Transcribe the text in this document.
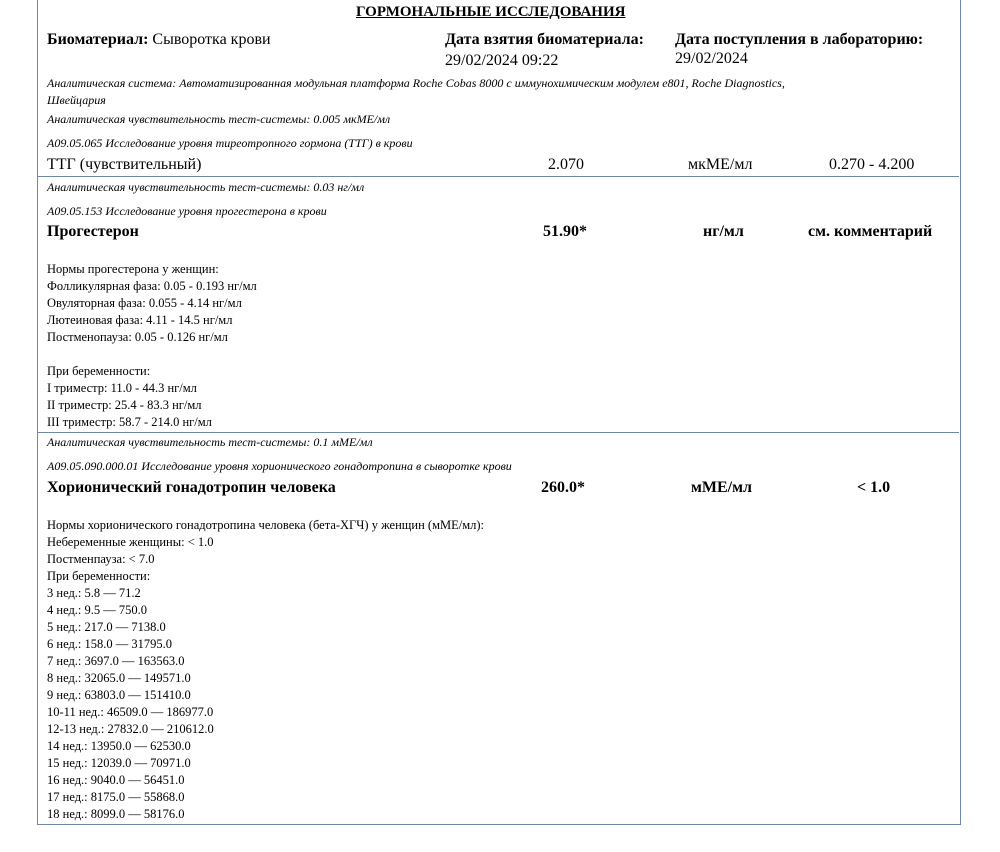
ГОРМОНАЛЬНЫЕ ИССЛЕДОВАНИЯ
Биоматериал: Сыворотка крови	Дата взятия биоматериала:
29/02/2024 09:22
Дата поступления в лабораторию:
29/02/2024
Аналитическая система: Автоматизированная модульная платформа Roche Cobas 8000 с иммунохимическим модулем e801, Roche Diagnostics,
Швейцария
Аналитическая чувствительность тест-системы: 0.005 мкМЕ/мл
A09.05.065 Исследование уровня тиреотропного гормона (ТТГ) в крови
ТТГ (чувствительный)	2.070	мкМЕ/мл	0.270 - 4.200
Аналитическая чувствительность тест-системы: 0.03 нг/мл
A09.05.153 Исследование уровня прогестерона в крови
Прогестерон	51.90*	нг/мл	см. комментарий
Нормы прогестерона у женщин:
Фолликулярная фаза: 0.05 - 0.193 нг/мл
Овуляторная фаза: 0.055 - 4.14 нг/мл
Лютеиновая фаза: 4.11 - 14.5 нг/мл
Постменопауза: 0.05 - 0.126 нг/мл
При беременности:
I триместр: 11.0 - 44.3 нг/мл
II триместр: 25.4 - 83.3 нг/мл
III триместр: 58.7 - 214.0 нг/мл
Аналитическая чувствительность тест-системы: 0.1 мМЕ/мл
A09.05.090.000.01 Исследование уровня хорионического гонадотропина в сыворотке крови
Хорионический гонадотропин человека	260.0*	мМЕ/мл	< 1.0
Нормы хорионического гонадотропина человека (бета-ХГЧ) у женщин (мМЕ/мл):
Небеременные женщины: < 1.0
Постменпауза: < 7.0
При беременности:
3 нед.: 5.8 — 71.2
4 нед.: 9.5 — 750.0
5 нед.: 217.0 — 7138.0
6 нед.: 158.0 — 31795.0
7 нед.: 3697.0 — 163563.0
8 нед.: 32065.0 — 149571.0
9 нед.: 63803.0 — 151410.0
10-11 нед.: 46509.0 — 186977.0
12-13 нед.: 27832.0 — 210612.0
14 нед.: 13950.0 — 62530.0
15 нед.: 12039.0 — 70971.0
16 нед.: 9040.0 — 56451.0
17 нед.: 8175.0 — 55868.0
18 нед.: 8099.0 — 58176.0
